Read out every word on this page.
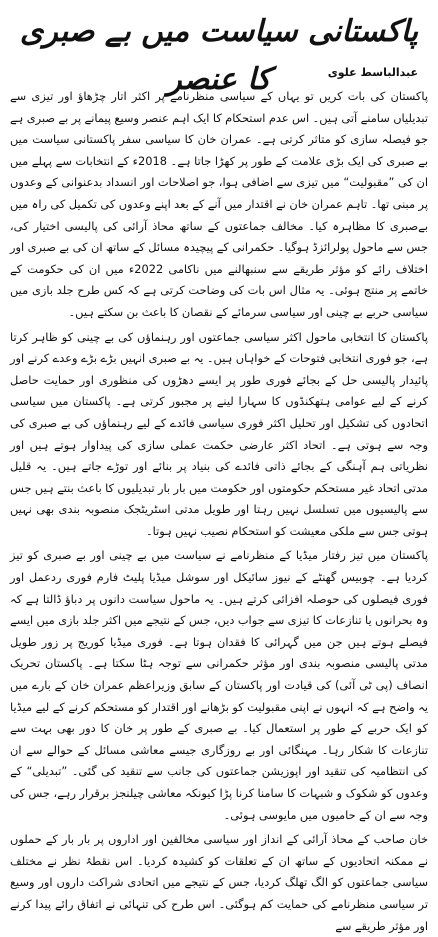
پاکستانی سیاست میں بے صبری کا عنصر	عبدالباسط علوی

پاکستان کی بات کریں تو یہاں کے سیاسی منظرنامے پر اکثر اتار چڑھاؤ اور تیزی سے تبدیلیاں سامنے آتی ہیں۔ اس عدم استحکام کا ایک اہم عنصر وسیع پیمانے پر بے صبری ہے جو فیصلہ سازی کو متاثر کرتی ہے۔ عمران خان کا سیاسی سفر پاکستانی سیاست میں بے صبری کی ایک بڑی علامت کے طور پر کھڑا جاتا ہے۔ 2018ء کے انتخابات سے پہلے میں ان کی ”مقبولیت“ میں تیزی سے اضافی ہوا، جو اصلاحات اور انسداد بدعنوانی کے وعدوں پر مبنی تھا۔ تاہم عمران خان نے اقتدار میں آنے کے بعد اپنے وعدوں کی تکمیل کی راہ میں بےصبری کا مظاہرہ کیا۔ مخالف جماعتوں کے ساتھ محاذ آرائی کی پالیسی اختیار کی، جس سے ماحول پولرائزڈ ہوگیا۔ حکمرانی کے پیچیدہ مسائل کے ساتھ ان کی بے صبری اور اختلاف رائے کو مؤثر طریقے سے سنبھالنے میں ناکامی 2022ء میں ان کی حکومت کے خاتمے پر منتج ہوئی۔ یہ مثال اس بات کی وضاحت کرتی ہے کہ کس طرح جلد بازی میں سیاسی حربے بے چینی اور سیاسی سرمائے کے نقصان کا باعث بن سکتے ہیں۔

پاکستان کا انتخابی ماحول اکثر سیاسی جماعتوں اور رہنماؤں کی بے چینی کو ظاہر کرتا ہے، جو فوری انتخابی فتوحات کے خواہاں ہیں۔ یہ بے صبری انہیں بڑے بڑے وعدے کرنے اور پائیدار پالیسی حل کے بجائے فوری طور پر ایسے دھڑوں کی منظوری اور حمایت حاصل کرنے کے لیے عوامی ہتھکنڈوں کا سہارا لینے پر مجبور کرتی ہے۔ پاکستان میں سیاسی اتحادوں کی تشکیل اور تحلیل اکثر فوری سیاسی فائدے کے لیے رہنماؤں کی بے صبری کی وجہ سے ہوتی ہے۔ اتحاد اکثر عارضی حکمت عملی سازی کی پیداوار ہوتے ہیں اور نظریاتی ہم آہنگی کے بجائے ذاتی فائدے کی بنیاد پر بنائے اور توڑے جاتے ہیں۔ یہ قلیل مدتی اتحاد غیر مستحکم حکومتوں اور حکومت میں بار بار تبدیلیوں کا باعث بنتے ہیں جس سے پالیسیوں میں تسلسل نہیں رہتا اور طویل مدتی اسٹریٹجک منصوبہ بندی بھی نہیں ہوتی جس سے ملکی معیشت کو استحکام نصیب نہیں ہوتا۔

پاکستان میں تیز رفتار میڈیا کے منظرنامے نے سیاست میں بے چینی اور بے صبری کو تیز کردیا ہے۔ چوبیس گھنٹے کے نیوز سائیکل اور سوشل میڈیا پلیٹ فارم فوری ردعمل اور فوری فیصلوں کی حوصلہ افزائی کرتے ہیں۔ یہ ماحول سیاست دانوں پر دباؤ ڈالتا ہے کہ وہ بحرانوں یا تنازعات کا تیزی سے جواب دیں، جس کے نتیجے میں اکثر جلد بازی میں ایسے فیصلے ہوتے ہیں جن میں گہرائی کا فقدان ہوتا ہے۔ فوری میڈیا کوریج پر زور طویل مدتی پالیسی منصوبہ بندی اور مؤثر حکمرانی سے توجہ ہٹا سکتا ہے۔ پاکستان تحریک انصاف (پی ٹی آئی) کی قیادت اور پاکستان کے سابق وزیراعظم عمران خان کے بارے میں یہ واضح ہے کہ انہوں نے اپنی مقبولیت کو بڑھانے اور اقتدار کو مستحکم کرنے کے لیے میڈیا کو ایک حربے کے طور پر استعمال کیا۔ بے صبری کے طور پر خان کا دور بھی بہت سے تنازعات کا شکار رہا۔ مہنگائی اور بے روزگاری جیسے معاشی مسائل کے حوالے سے ان کی انتظامیہ کی تنقید اور اپوزیشن جماعتوں کی جانب سے تنقید کی گئی۔ ”تبدیلی“ کے وعدوں کو شکوک و شبہات کا سامنا کرنا پڑا کیونکہ معاشی چیلنجز برقرار رہے، جس کی وجہ سے ان کے حامیوں میں مایوسی ہوئی۔

خان صاحب کے محاذ آرائی کے انداز اور سیاسی مخالفین اور اداروں پر بار بار کے حملوں نے ممکنہ اتحادیوں کے ساتھ ان کے تعلقات کو کشیدہ کردیا۔ اس نقطۂ نظر نے مختلف سیاسی جماعتوں کو الگ تھلگ کردیا، جس کے نتیجے میں اتحادی شراکت داروں اور وسیع تر سیاسی منظرنامے کی حمایت کم ہوگئی۔ اس طرح کی تنہائی نے اتفاق رائے پیدا کرنے اور مؤثر طریقے سے
